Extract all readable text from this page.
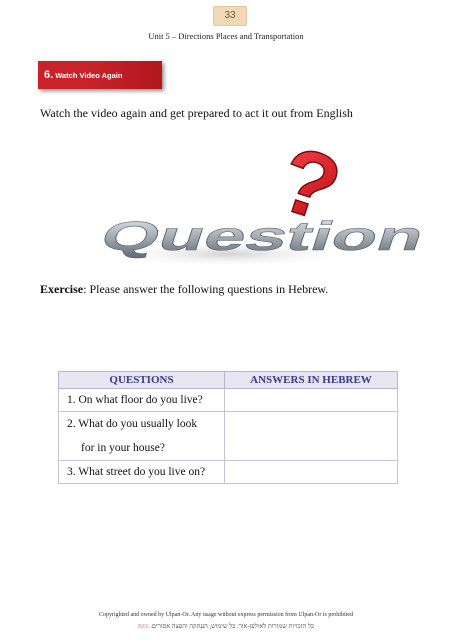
33
Unit 5 – Directions Places and Transportation
6. Watch Video Again
Watch the video again and get prepared to act it out from English
Question
?
Exercise: Please answer the following questions in Hebrew.
QUESTIONS	ANSWERS IN HEBREW
1. On what floor do you live?	
2. What do you usually look
for in your house?	
3. What street do you live on?	
Copyrighted and owned by Ulpan-Or. Any usage without express permission from Ulpan-Or is prohibited
RE6 כל הזכויות שמורות לאולפן-אור. כל שימוש, העתקה והפצה אסורים.
